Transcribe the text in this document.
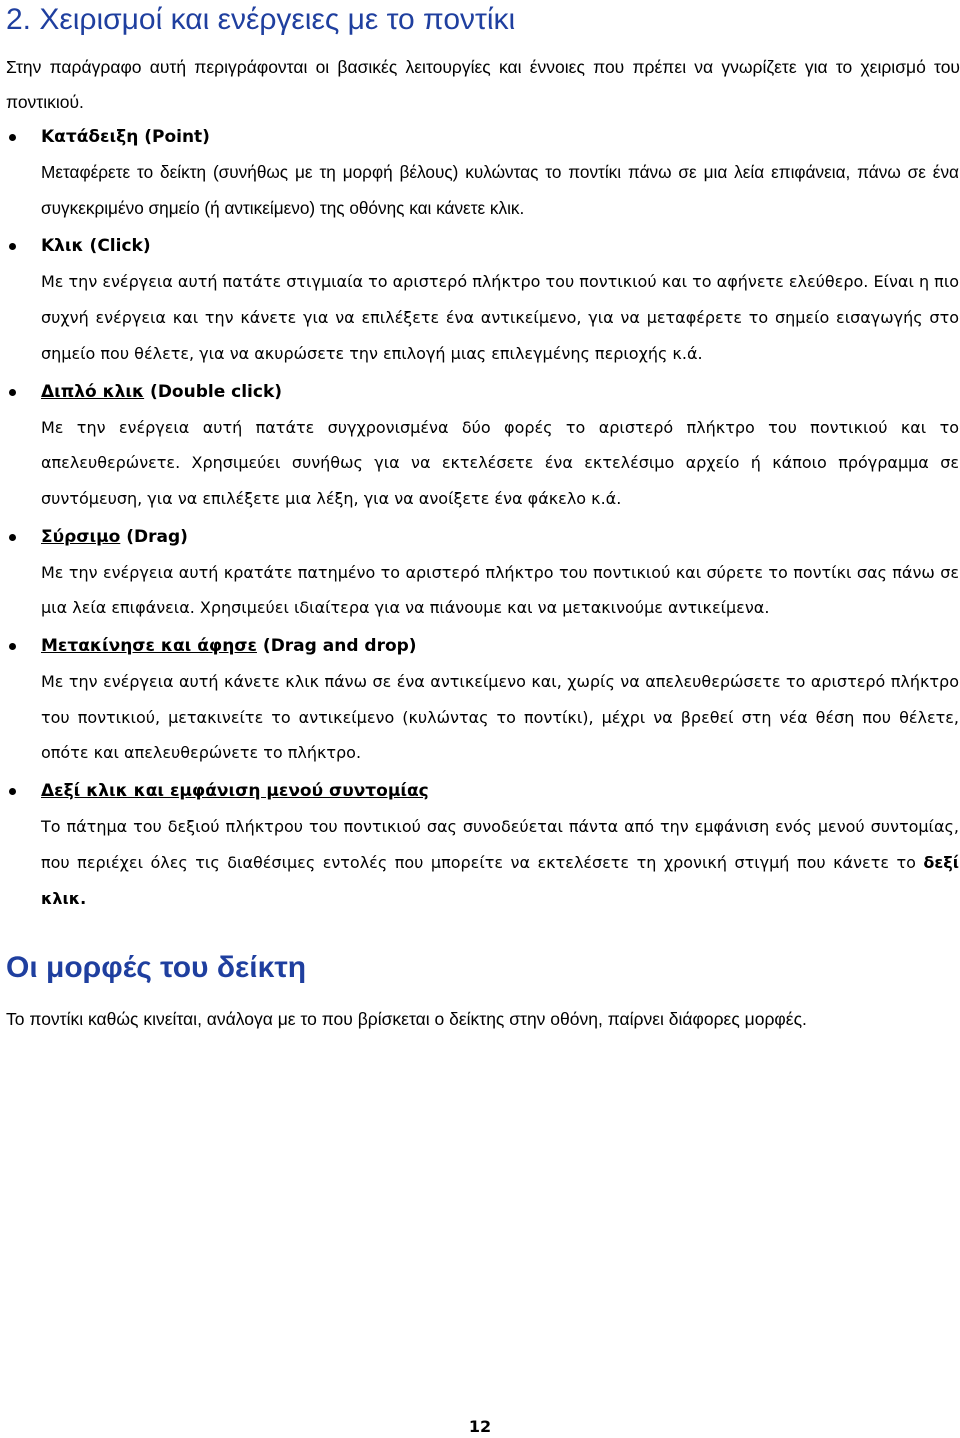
2. Χειρισμοί και ενέργειες με το ποντίκι

Στην παράγραφο αυτή περιγράφονται οι βασικές λειτουργίες και έννοιες που πρέπει να γνωρίζετε για το χειρισμό του ποντικιού.

Κατάδειξη (Point)

Μεταφέρετε το δείκτη (συνήθως με τη μορφή βέλους) κυλώντας το ποντίκι πάνω σε μια λεία επιφάνεια, πάνω σε ένα συγκεκριμένο σημείο (ή αντικείμενο) της οθόνης και κάνετε κλικ.

Κλικ (Click)

Με την ενέργεια αυτή πατάτε στιγμιαία το αριστερό πλήκτρο του ποντικιού και το αφήνετε ελεύθερο. Είναι η πιο συχνή ενέργεια και την κάνετε για να επιλέξετε ένα αντικείμενο, για να μεταφέρετε το σημείο εισαγωγής στο σημείο που θέλετε, για να ακυρώσετε την επιλογή μιας επιλεγμένης περιοχής κ.ά.

Διπλό κλικ (Double click)

Με την ενέργεια αυτή πατάτε συγχρονισμένα δύο φορές το αριστερό πλήκτρο του ποντικιού και το απελευθερώνετε. Χρησιμεύει συνήθως για να εκτελέσετε ένα εκτελέσιμο αρχείο ή κάποιο πρόγραμμα σε συντόμευση, για να επιλέξετε μια λέξη, για να ανοίξετε ένα φάκελο κ.ά.

Σύρσιμο (Drag)

Με την ενέργεια αυτή κρατάτε πατημένο το αριστερό πλήκτρο του ποντικιού και σύρετε το ποντίκι σας πάνω σε μια λεία επιφάνεια. Χρησιμεύει ιδιαίτερα για να πιάνουμε και να μετακινούμε αντικείμενα.

Μετακίνησε και άφησε (Drag and drop)

Με την ενέργεια αυτή κάνετε κλικ πάνω σε ένα αντικείμενο και, χωρίς να απελευθερώσετε το αριστερό πλήκτρο του ποντικιού, μετακινείτε το αντικείμενο (κυλώντας το ποντίκι), μέχρι να βρεθεί στη νέα θέση που θέλετε, οπότε και απελευθερώνετε το πλήκτρο.

Δεξί κλικ και εμφάνιση μενού συντομίας

Το πάτημα του δεξιού πλήκτρου του ποντικιού σας συνοδεύεται πάντα από την εμφάνιση ενός μενού συντομίας, που περιέχει όλες τις διαθέσιμες εντολές που μπορείτε να εκτελέσετε τη χρονική στιγμή που κάνετε το δεξί κλικ.

Οι μορφές του δείκτη

Το ποντίκι καθώς κινείται, ανάλογα με το που βρίσκεται ο δείκτης στην οθόνη, παίρνει διάφορες μορφές.

12
